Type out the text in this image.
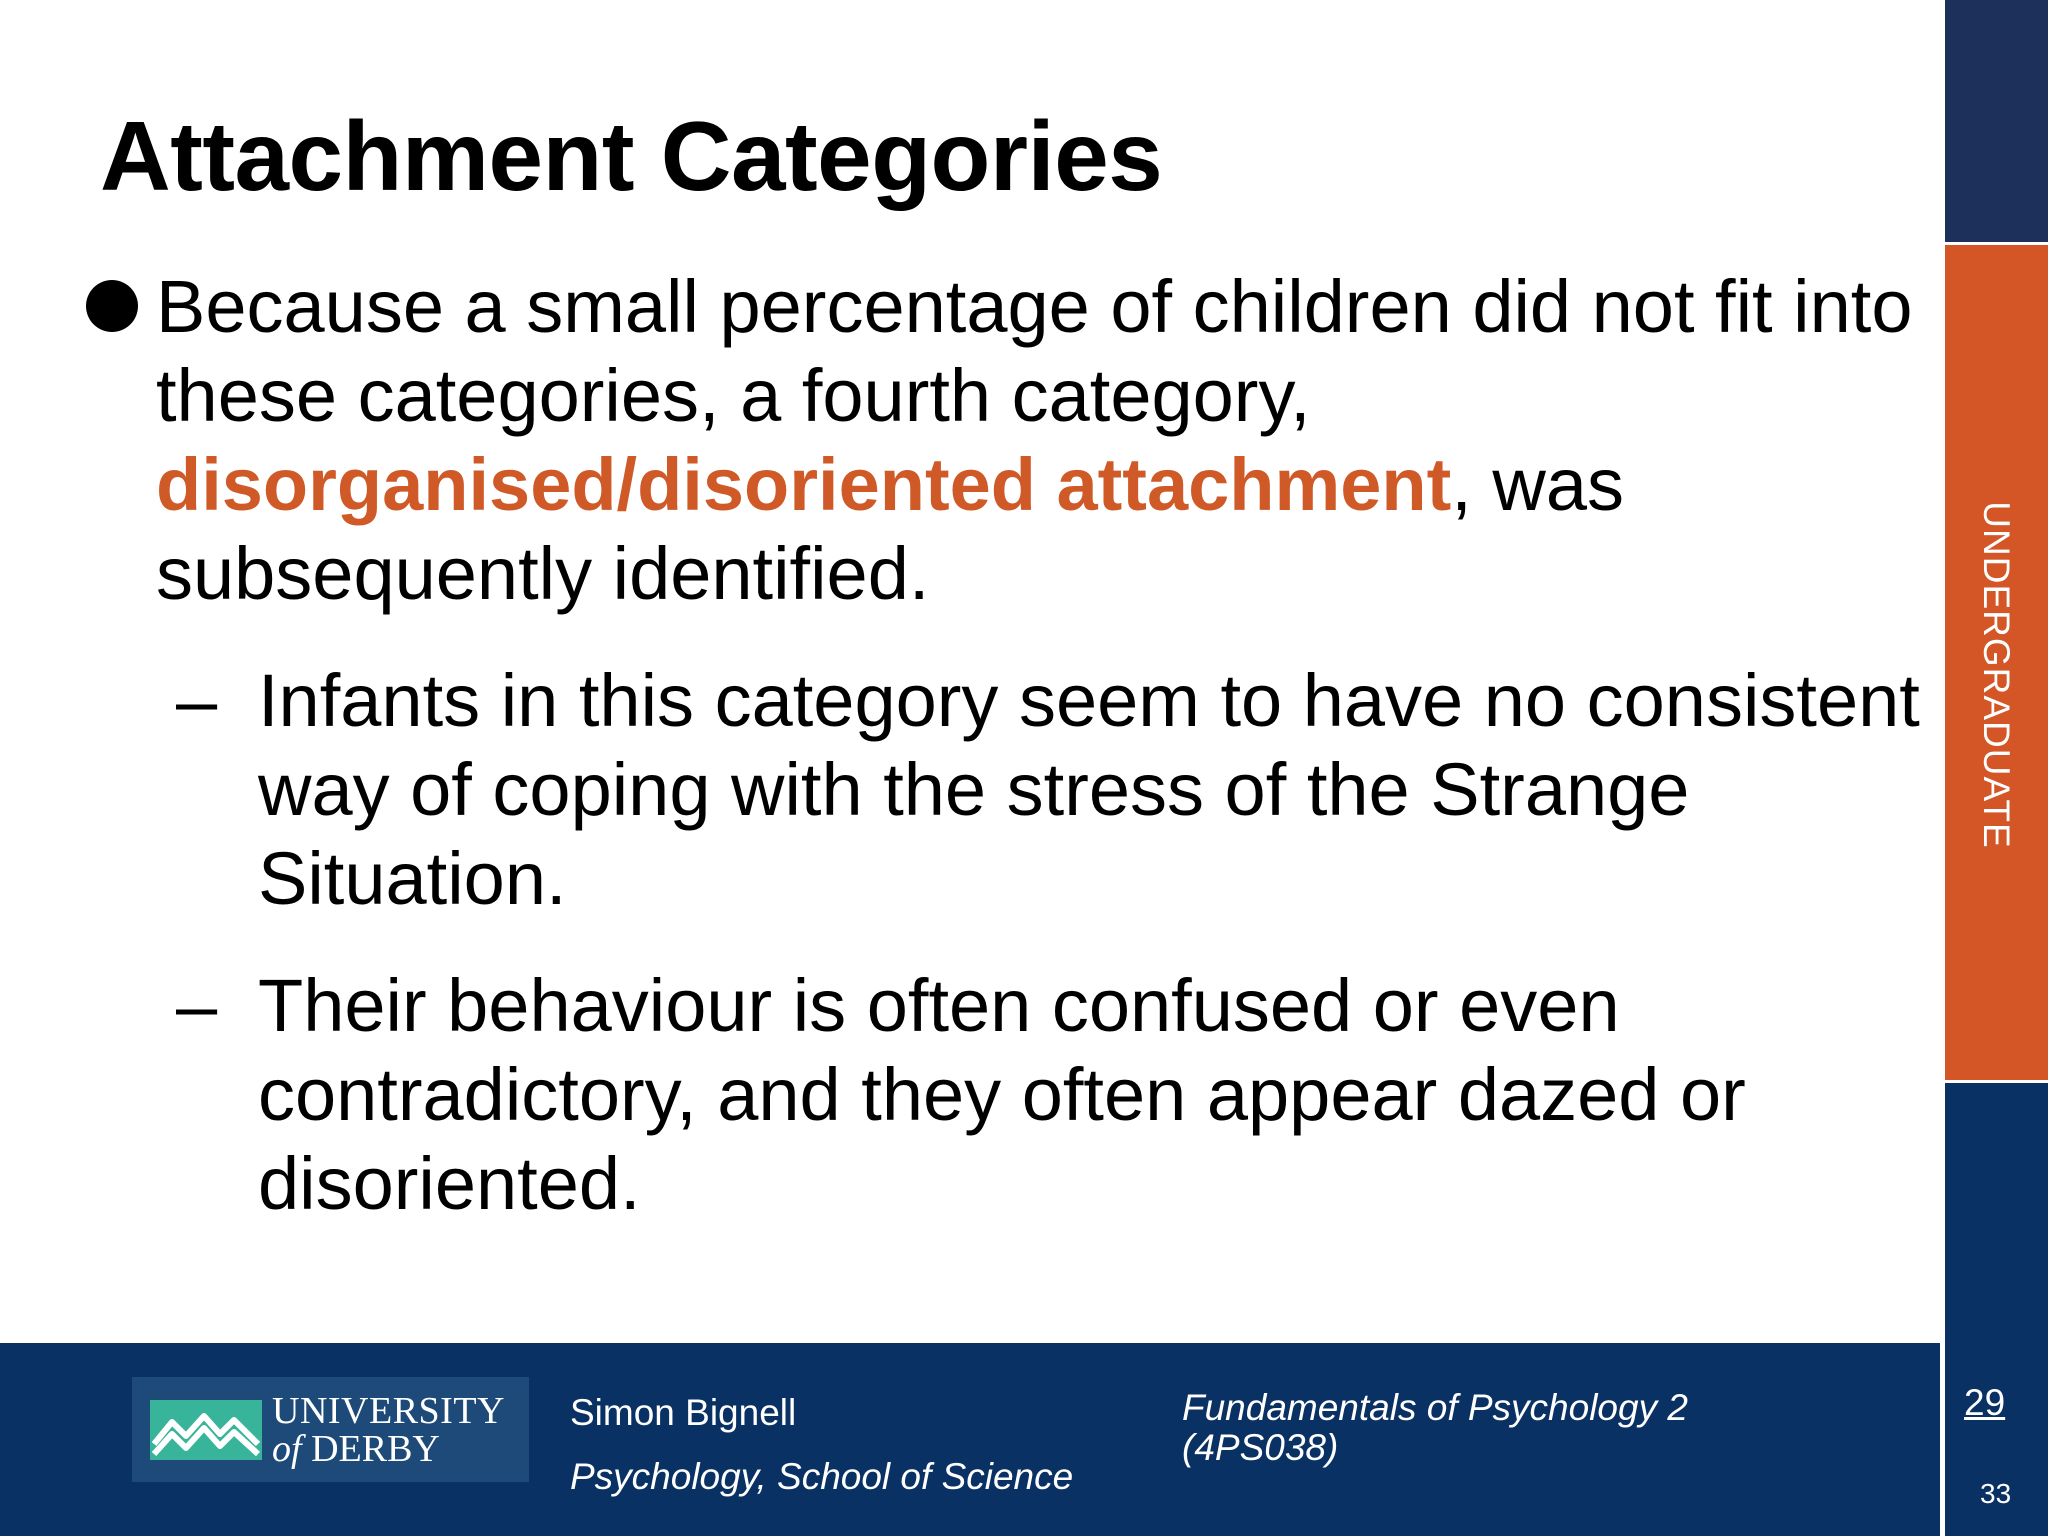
Attachment Categories
Because a small percentage of children did not fit into these categories, a fourth category, disorganised/disoriented attachment, was subsequently identified.
– Infants in this category seem to have no consistent way of coping with the stress of the Strange Situation.
– Their behaviour is often confused or even contradictory, and they often appear dazed or disoriented.
UNDERGRADUATE
UNIVERSITY
of DERBY
Simon Bignell
Psychology, School of Science
Fundamentals of Psychology 2 (4PS038)
29
33
